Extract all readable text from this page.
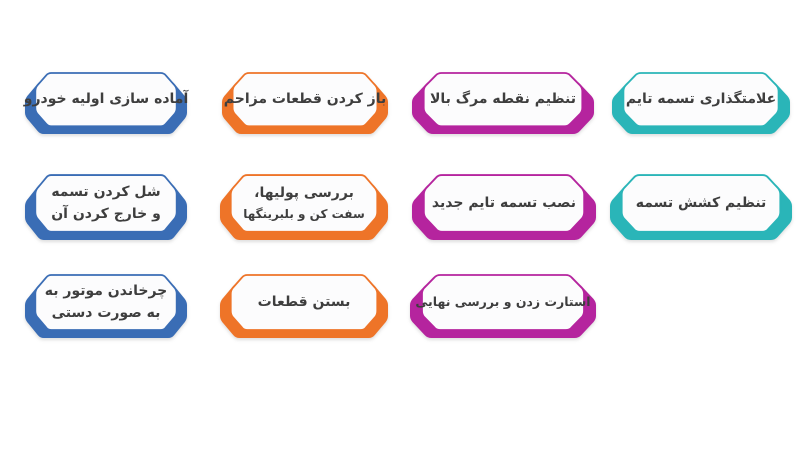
آماده سازی اولیه خودرو	باز کردن قطعات مزاحم	تنظیم نقطه مرگ بالا	علامتگذاری تسمه تایم
شل کردن تسمه
و خارج کردن آن
بررسی پولیها،
سفت کن و بلبرینگها
نصب تسمه تایم جدید	تنظیم کشش تسمه
چرخاندن موتور به
به صورت دستی
بستن قطعات	استارت زدن و بررسی نهایی
